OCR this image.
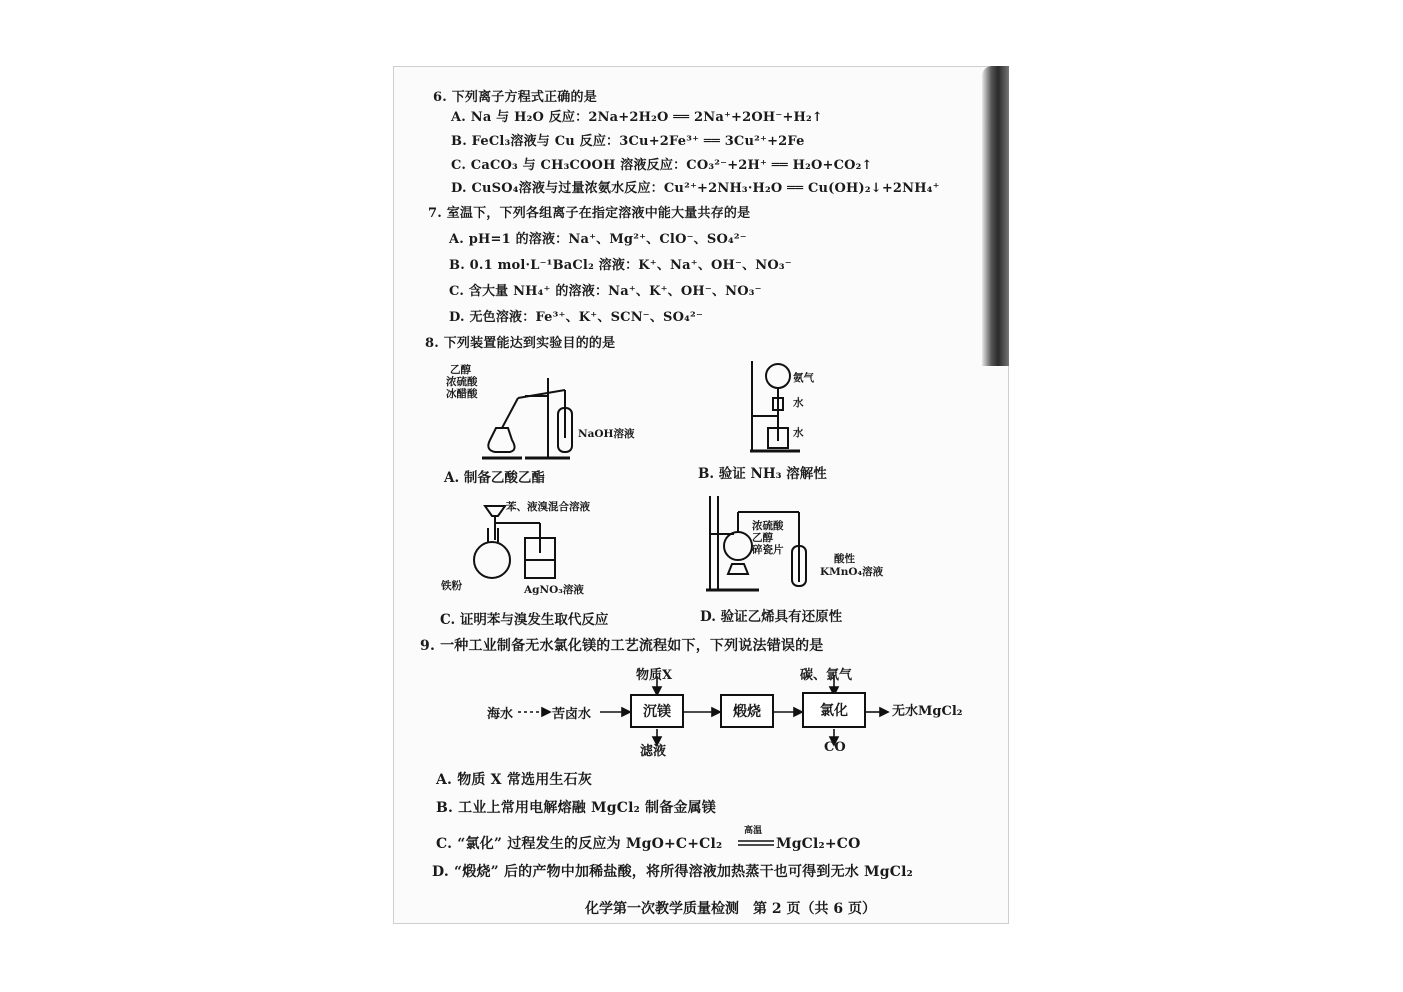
6. 下列离子方程式正确的是
A. Na 与 H₂O 反应：2Na+2H₂O ══ 2Na⁺+2OH⁻+H₂↑
B. FeCl₃溶液与 Cu 反应：3Cu+2Fe³⁺ ══ 3Cu²⁺+2Fe
C. CaCO₃ 与 CH₃COOH 溶液反应：CO₃²⁻+2H⁺ ══ H₂O+CO₂↑
D. CuSO₄溶液与过量浓氨水反应：Cu²⁺+2NH₃·H₂O ══ Cu(OH)₂↓+2NH₄⁺
7. 室温下，下列各组离子在指定溶液中能大量共存的是
A. pH=1 的溶液：Na⁺、Mg²⁺、ClO⁻、SO₄²⁻
B. 0.1 mol·L⁻¹BaCl₂ 溶液：K⁺、Na⁺、OH⁻、NO₃⁻
C. 含大量 NH₄⁺ 的溶液：Na⁺、K⁺、OH⁻、NO₃⁻
D. 无色溶液：Fe³⁺、K⁺、SCN⁻、SO₄²⁻
8. 下列装置能达到实验目的的是
乙醇
浓硫酸
冰醋酸
NaOH溶液
A. 制备乙酸乙酯
氨气
水
水
B. 验证 NH₃ 溶解性
苯、液溴混合溶液
铁粉	AgNO₃溶液
C. 证明苯与溴发生取代反应
浓硫酸
乙醇
碎瓷片
酸性
KMnO₄溶液
D. 验证乙烯具有还原性
9. 一种工业制备无水氯化镁的工艺流程如下，下列说法错误的是
海水	苦卤水	沉镁	煅烧	氯化
物质X
滤液
碳、氯气
CO
无水MgCl₂
A. 物质 X 常选用生石灰
B. 工业上常用电解熔融 MgCl₂ 制备金属镁
C. “氯化” 过程发生的反应为 MgO+C+Cl₂
高温
MgCl₂+CO
D. “煅烧” 后的产物中加稀盐酸，将所得溶液加热蒸干也可得到无水 MgCl₂
化学第一次教学质量检测　第 2 页（共 6 页）
